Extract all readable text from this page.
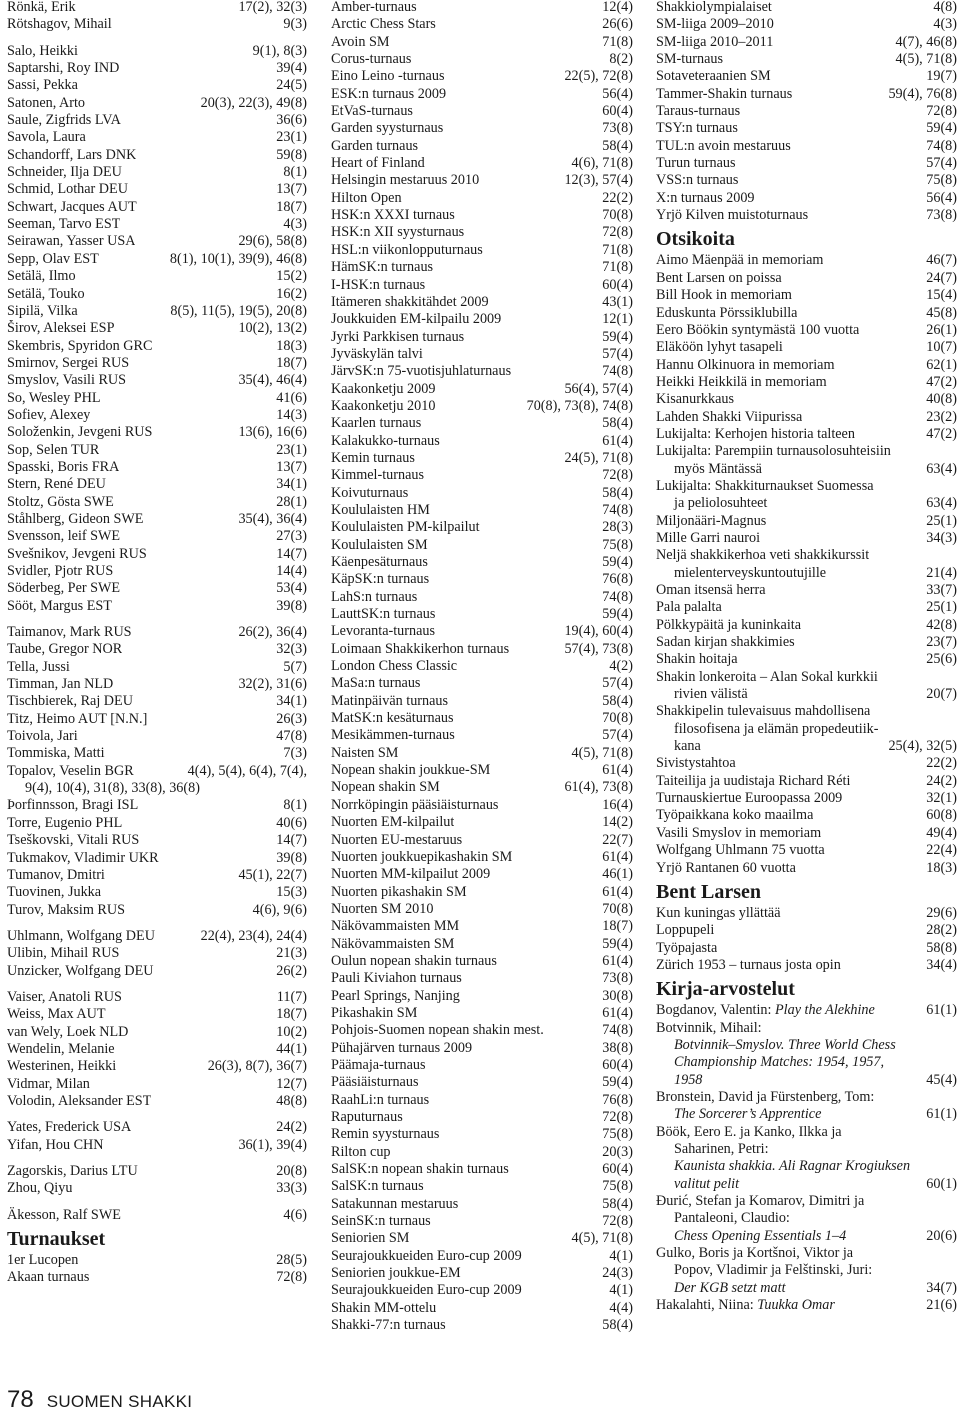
Rönkä, Erik	17(2), 32(3)
Rötshagov, Mihail	9(3)
Salo, Heikki	9(1), 8(3)
Saptarshi, Roy IND	39(4)
Sassi, Pekka	24(5)
Satonen, Arto	20(3), 22(3), 49(8)
Saule, Zigfrids LVA	36(6)
Savola, Laura	23(1)
Schandorff, Lars DNK	59(8)
Schneider, Ilja DEU	8(1)
Schmid, Lothar DEU	13(7)
Schwart, Jacques AUT	18(7)
Seeman, Tarvo EST	4(3)
Seirawan, Yasser USA	29(6), 58(8)
Sepp, Olav EST	8(1), 10(1), 39(9), 46(8)
Setälä, Ilmo	15(2)
Setälä, Touko	16(2)
Sipilä, Vilka	8(5), 11(5), 19(5), 20(8)
Širov, Aleksei ESP	10(2), 13(2)
Skembris, Spyridon GRC	18(3)
Smirnov, Sergei RUS	18(7)
Smyslov, Vasili RUS	35(4), 46(4)
So, Wesley PHL	41(6)
Sofiev, Alexey	14(3)
Soloženkin, Jevgeni RUS	13(6), 16(6)
Sop, Selen TUR	23(1)
Spasski, Boris FRA	13(7)
Stern, René DEU	34(1)
Stoltz, Gösta SWE	28(1)
Ståhlberg, Gideon SWE	35(4), 36(4)
Svensson, leif SWE	27(3)
Svešnikov, Jevgeni RUS	14(7)
Svidler, Pjotr RUS	14(4)
Söderbeg, Per SWE	53(4)
Sööt, Margus EST	39(8)
Taimanov, Mark RUS	26(2), 36(4)
Taube, Gregor NOR	32(3)
Tella, Jussi	5(7)
Timman, Jan NLD	32(2), 31(6)
Tischbierek, Raj DEU	34(1)
Titz, Heimo AUT [N.N.]	26(3)
Toivola, Jari	47(8)
Tommiska, Matti	7(3)
Topalov, Veselin BGR	4(4), 5(4), 6(4), 7(4),
9(4), 10(4), 31(8), 33(8), 36(8)
Þorfinnsson, Bragi ISL	8(1)
Torre, Eugenio PHL	40(6)
Tseškovski, Vitali RUS	14(7)
Tukmakov, Vladimir UKR	39(8)
Tumanov, Dmitri	45(1), 22(7)
Tuovinen, Jukka	15(3)
Turov, Maksim RUS	4(6), 9(6)
Uhlmann, Wolfgang DEU	22(4), 23(4), 24(4)
Ulibin, Mihail RUS	21(3)
Unzicker, Wolfgang DEU	26(2)
Vaiser, Anatoli RUS	11(7)
Weiss, Max AUT	18(7)
van Wely, Loek NLD	10(2)
Wendelin, Melanie	44(1)
Westerinen, Heikki	26(3), 8(7), 36(7)
Vidmar, Milan	12(7)
Volodin, Aleksander EST	48(8)
Yates, Frederick USA	24(2)
Yifan, Hou CHN	36(1), 39(4)
Zagorskis, Darius LTU	20(8)
Zhou, Qiyu	33(3)
Äkesson, Ralf SWE	4(6)
Turnaukset
1er Lucopen	28(5)
Akaan turnaus	72(8)
Amber-turnaus	12(4)
Arctic Chess Stars	26(6)
Avoin SM	71(8)
Corus-turnaus	8(2)
Eino Leino -turnaus	22(5), 72(8)
ESK:n turnaus 2009	56(4)
EtVaS-turnaus	60(4)
Garden syysturnaus	73(8)
Garden turnaus	58(4)
Heart of Finland	4(6), 71(8)
Helsingin mestaruus 2010	12(3), 57(4)
Hilton Open	22(2)
HSK:n XXXI turnaus	70(8)
HSK:n XII syysturnaus	72(8)
HSL:n viikonlopputurnaus	71(8)
HämSK:n turnaus	71(8)
I-HSK:n turnaus	60(4)
Itämeren shakkitähdet 2009	43(1)
Joukkuiden EM-kilpailu 2009	12(1)
Jyrki Parkkisen turnaus	59(4)
Jyväskylän talvi	57(4)
JärvSK:n 75-vuotisjuhlaturnaus	74(8)
Kaakonketju 2009	56(4), 57(4)
Kaakonketju 2010	70(8), 73(8), 74(8)
Kaarlen turnaus	58(4)
Kalakukko-turnaus	61(4)
Kemin turnaus	24(5), 71(8)
Kimmel-turnaus	72(8)
Koivuturnaus	58(4)
Koululaisten HM	74(8)
Koululaisten PM-kilpailut	28(3)
Koululaisten SM	75(8)
Käenpesäturnaus	59(4)
KäpSK:n turnaus	76(8)
LahS:n turnaus	74(8)
LauttSK:n turnaus	59(4)
Levoranta-turnaus	19(4), 60(4)
Loimaan Shakkikerhon turnaus	57(4), 73(8)
London Chess Classic	4(2)
MaSa:n turnaus	57(4)
Matinpäivän turnaus	58(4)
MatSK:n kesäturnaus	70(8)
Mesikämmen-turnaus	57(4)
Naisten SM	4(5), 71(8)
Nopean shakin joukkue-SM	61(4)
Nopean shakin SM	61(4), 73(8)
Norrköpingin pääsiäisturnaus	16(4)
Nuorten EM-kilpailut	14(2)
Nuorten EU-mestaruus	22(7)
Nuorten joukkuepikashakin SM	61(4)
Nuorten MM-kilpailut 2009	46(1)
Nuorten pikashakin SM	61(4)
Nuorten SM 2010	70(8)
Näkövammaisten MM	18(7)
Näkövammaisten SM	59(4)
Oulun nopean shakin turnaus	61(4)
Pauli Kiviahon turnaus	73(8)
Pearl Springs, Nanjing	30(8)
Pikashakin SM	61(4)
Pohjois-Suomen nopean shakin mest.	74(8)
Pühajärven turnaus 2009	38(8)
Päämaja-turnaus	60(4)
Pääsiäisturnaus	59(4)
RaahLi:n turnaus	76(8)
Raputurnaus	72(8)
Remin syysturnaus	75(8)
Rilton cup	20(3)
SalSK:n nopean shakin turnaus	60(4)
SalSK:n turnaus	75(8)
Satakunnan mestaruus	58(4)
SeinSK:n turnaus	72(8)
Seniorien SM	4(5), 71(8)
Seurajoukkueiden Euro-cup 2009	4(1)
Seniorien joukkue-EM	24(3)
Seurajoukkueiden Euro-cup 2009	4(1)
Shakin MM-ottelu	4(4)
Shakki-77:n turnaus	58(4)
Shakkiolympialaiset	4(8)
SM-liiga 2009–2010	4(3)
SM-liiga 2010–2011	4(7), 46(8)
SM-turnaus	4(5), 71(8)
Sotaveteraanien SM	19(7)
Tammer-Shakin turnaus	59(4), 76(8)
Taraus-turnaus	72(8)
TSY:n turnaus	59(4)
TUL:n avoin mestaruus	74(8)
Turun turnaus	57(4)
VSS:n turnaus	75(8)
X:n turnaus 2009	56(4)
Yrjö Kilven muistoturnaus	73(8)
Otsikoita
Aimo Mäenpää in memoriam	46(7)
Bent Larsen on poissa	24(7)
Bill Hook in memoriam	15(4)
Eduskunta Pörssiklubilla	45(8)
Eero Böökin syntymästä 100 vuotta	26(1)
Eläköön lyhyt tasapeli	10(7)
Hannu Olkinuora in memoriam	62(1)
Heikki Heikkilä in memoriam	47(2)
Kisanurkkaus	40(8)
Lahden Shakki Viipurissa	23(2)
Lukijalta: Kerhojen historia talteen	47(2)
Lukijalta: Parempiin turnausolosuhteisiin
myös Mäntässä	63(4)
Lukijalta: Shakkiturnaukset Suomessa
ja peliolosuhteet	63(4)
Miljonääri-Magnus	25(1)
Mille Garri nauroi	34(3)
Neljä shakkikerhoa veti shakkikurssit
mielenterveyskuntoutujille	21(4)
Oman itsensä herra	33(7)
Pala palalta	25(1)
Pölkkypäitä ja kuninkaita	42(8)
Sadan kirjan shakkimies	23(7)
Shakin hoitaja	25(6)
Shakin lonkeroita – Alan Sokal kurkkii
rivien välistä	20(7)
Shakkipelin tulevaisuus mahdollisena
filosofisena ja elämän propedeutiik-
kana	25(4), 32(5)
Sivistystahtoa	22(2)
Taiteilija ja uudistaja Richard Réti	24(2)
Turnauskiertue Euroopassa 2009	32(1)
Työpaikkana koko maailma	60(8)
Vasili Smyslov in memoriam	49(4)
Wolfgang Uhlmann 75 vuotta	22(4)
Yrjö Rantanen 60 vuotta	18(3)
Bent Larsen
Kun kuningas yllättää	29(6)
Loppupeli	28(2)
Työpajasta	58(8)
Zürich 1953 – turnaus josta opin	34(4)
Kirja-arvostelut
Bogdanov, Valentin: Play the Alekhine	61(1)
Botvinnik, Mihail:
Botvinnik–Smyslov. Three World Chess
Championship Matches: 1954, 1957,
1958	45(4)
Bronstein, David ja Fürstenberg, Tom:
The Sorcerer’s Apprentice	61(1)
Böök, Eero E. ja Kanko, Ilkka ja
Saharinen, Petri:
Kaunista shakkia. Ali Ragnar Krogiuksen
valitut pelit	60(1)
Ðurić, Stefan ja Komarov, Dimitri ja
Pantaleoni, Claudio:
Chess Opening Essentials 1–4	20(6)
Gulko, Boris ja Kortšnoi, Viktor ja
Popov, Vladimir ja Felštinski, Juri:
Der KGB setzt matt	34(7)
Hakalahti, Niina: Tuukka Omar	21(6)
78 SUOMEN SHAKKI
